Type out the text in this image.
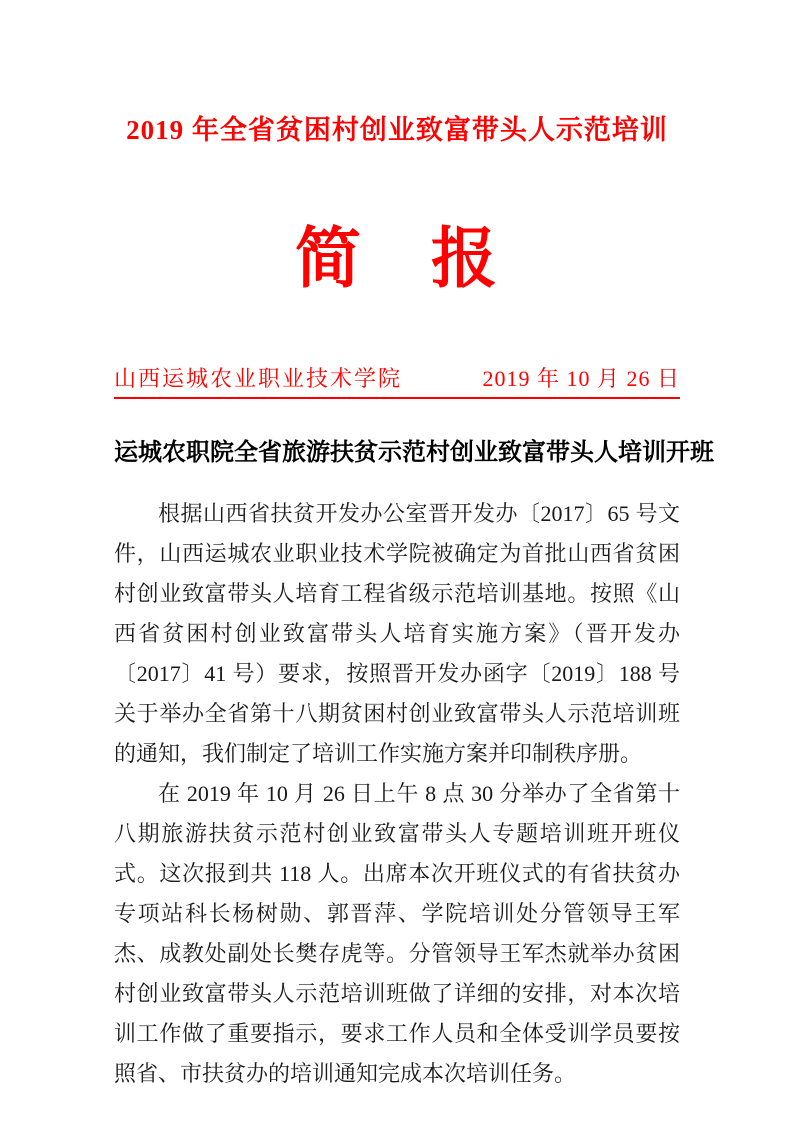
2019 年全省贫困村创业致富带头人示范培训
简　报
山西运城农业职业技术学院	2019 年 10 月 26 日
运城农职院全省旅游扶贫示范村创业致富带头人培训开班

根据山西省扶贫开发办公室晋开发办〔2017〕65 号文件，山西运城农业职业技术学院被确定为首批山西省贫困村创业致富带头人培育工程省级示范培训基地。按照《山西省贫困村创业致富带头人培育实施方案》（晋开发办 〔2017〕41 号）要求，按照晋开发办函字〔2019〕188 号关于举办全省第十八期贫困村创业致富带头人示范培训班的通知，我们制定了培训工作实施方案并印制秩序册。

在 2019 年 10 月 26 日上午 8 点 30 分举办了全省第十八期旅游扶贫示范村创业致富带头人专题培训班开班仪式。这次报到共 118 人。出席本次开班仪式的有省扶贫办专项站科长杨树勋、郭晋萍、学院培训处分管领导王军杰、成教处副处长樊存虎等。分管领导王军杰就举办贫困村创业致富带头人示范培训班做了详细的安排，对本次培训工作做了重要指示，要求工作人员和全体受训学员要按照省、市扶贫办的培训通知完成本次培训任务。
